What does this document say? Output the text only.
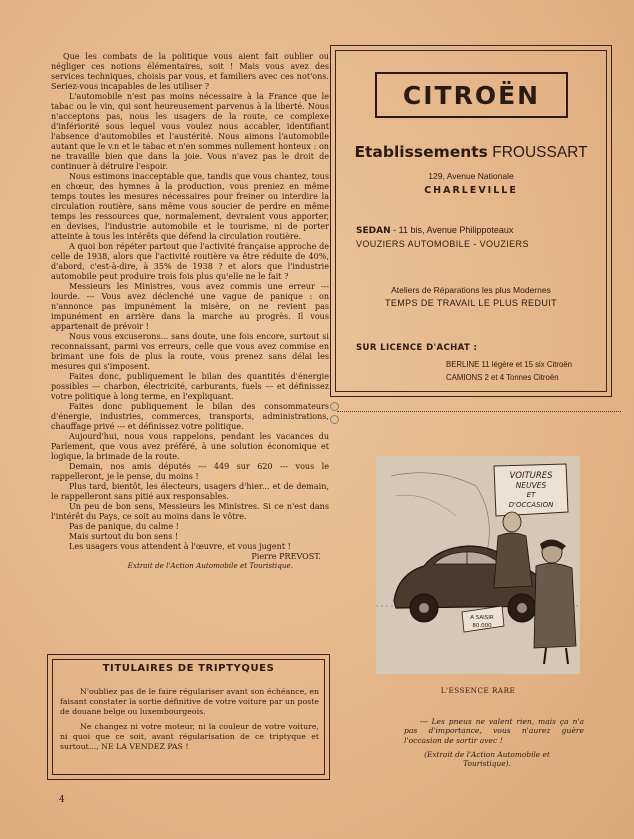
Que les combats de la politique vous aient fait oublier ou négliger ces notions élémentaires, soit ! Mais vous avez des services techniques, choisis par vous, et familiers avec ces not'ons. Seriez-vous incapables de les utiliser ?

L'automobile n'est pas moins nécessaire à la France que le tabac ou le vin, qui sont heureusement parvenus à la liberté. Nous n'acceptons pas, nous les usagers de la route, ce complexe d'infériorité sous lequel vous voulez nous accabler, identifiant l'absence d'automobiles et l'austérité. Nous aimons l'automobile autant que le v.n et le tabac et n'en sommes nullement honteux : on ne travaille bien que dans la joie. Vous n'avez pas le droit de continuer à détruire l'espoir.

Nous estimons inacceptable que, tandis que vous chantez, tous en chœur, des hymnes à la production, vous preniez en même temps toutes les mesures nécessaires pour freiner ou interdire la circulation routière, sans même vous soucier de perdre en même temps les ressources que, normalement, devraient vous apporter, en devises, l'industrie automobile et le tourisme, ni de porter atteinte à tous les intérêts que défend la circulation routière.

A quoi bon répéter partout que l'activité française approche de celle de 1938, alors que l'activité routière va être réduite de 40%, d'abord, c'est-à-dire, à 35% de 1938 ? et alors que l'industrie automobile peut produire trois fois plus qu'elle ne le fait ?

Messieurs les Ministres, vous avez commis une erreur --- lourde. --- Vous avez déclenché une vague de panique : on n'annonce pas impunément la misère, on ne revient pas impunément en arrière dans la marche au progrès. Il vous appartenait de prévoir !

Nous vous excuserons... sans doute, une fois encore, surtout si reconnaissant, parmi vos erreurs, celle que vous avez commise en brimant une fois de plus la route, vous prenez sans délai les mesures qui s'imposent.

Faites donc, publiquement le bilan des quantités d'énergie possibles --- charbon, électricité, carburants, fuels --- et définissez votre politique à long terme, en l'expliquant.

Faites donc publiquement le bilan des consommateurs d'énergie, industries, commerces, transports, administrations, chauffage privé --- et définissez votre politique.

Aujourd'hui, nous vous rappelons, pendant les vacances du Parlement, que vous avez préféré, à une solution économique et logique, la brimade de la route.

Demain, nos amis députés --- 449 sur 620 --- vous le rappelleront, je le pense, du moins !

Plus tard, bientôt, les électeurs, usagers d'hier... et de demain, le rappelleront sans pitié aux responsables.

Un peu de bon sens, Messieurs les Ministres. Si ce n'est dans l'intérêt du Pays, ce soit au moins dans le vôtre.

Pas de panique, du calme !

Mais surtout du bon sens !

Les usagers vous attendent à l'œuvre, et vous jugent !

Pierre PREVOST.

Extrait de l'Action Automobile et Touristique.

TITULAIRES DE TRIPTYQUES

N'oubliez pas de le faire régulariser avant son échéance, en faisant constater la sortie définitive de votre voiture par un poste de douane belge ou luxembourgeois.

Ne changez ni votre moteur, ni la couleur de votre voiture, ni quoi que ce soit, avant régularisation de ce triptyque et surtout..., NE LA VENDEZ PAS !

4
CITROËN
Etablissements FROUSSART
129, Avenue Nationale
CHARLEVILLE
SEDAN - 11 bis, Avenue Philippoteaux
VOUZIERS AUTOMOBILE - VOUZIERS
Ateliers de Réparations les plus Modernes
TEMPS DE TRAVAIL LE PLUS REDUIT
SUR LICENCE D'ACHAT :
BERLINE 11 légère et 15 six Citroën
CAMIONS 2 et 4 Tonnes Citroën
VOITURES
NEUVES
ET
D'OCCASION
A SAISIR
80.000
L'ESSENCE RARE

--- Les pneus ne valent rien, mais ça n'a pas d'importance, vous n'aurez guère l'occasion de sortir avec !

(Extrait de l'Action Automobile et Touristique).
